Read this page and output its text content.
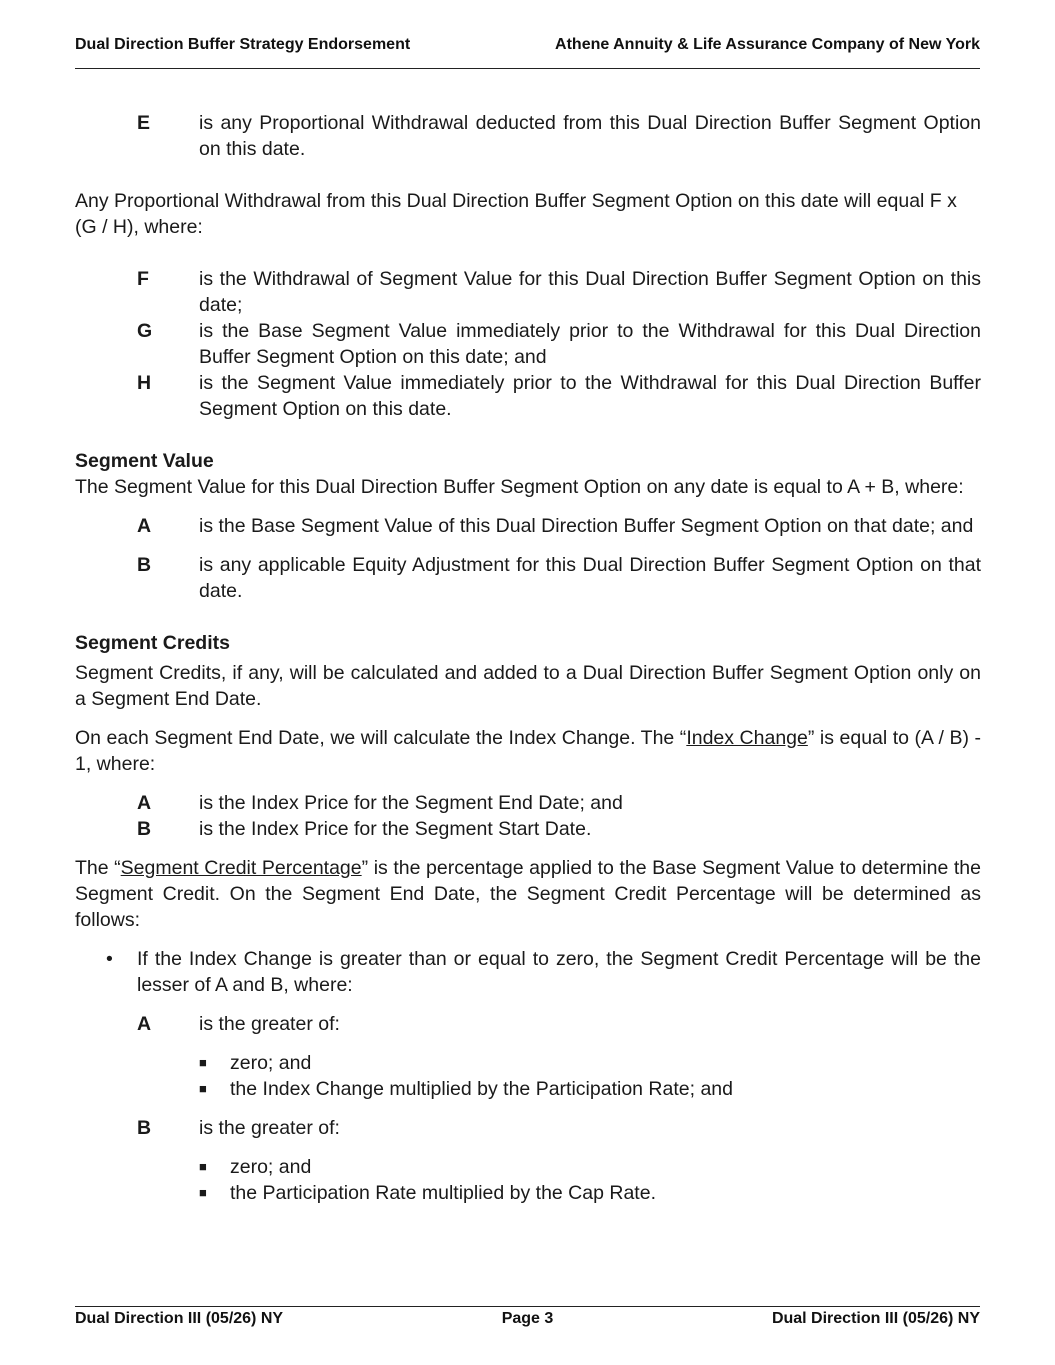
Dual Direction Buffer Strategy Endorsement	Athene Annuity & Life Assurance Company of New York
E	is any Proportional Withdrawal deducted from this Dual Direction Buffer Segment Option on this date.

Any Proportional Withdrawal from this Dual Direction Buffer Segment Option on this date will equal F x (G / H), where:

F	is the Withdrawal of Segment Value for this Dual Direction Buffer Segment Option on this date;
G	is the Base Segment Value immediately prior to the Withdrawal for this Dual Direction Buffer Segment Option on this date; and
H	is the Segment Value immediately prior to the Withdrawal for this Dual Direction Buffer Segment Option on this date.

Segment Value

The Segment Value for this Dual Direction Buffer Segment Option on any date is equal to A + B, where:

A	is the Base Segment Value of this Dual Direction Buffer Segment Option on that date; and
B	is any applicable Equity Adjustment for this Dual Direction Buffer Segment Option on that date.

Segment Credits

Segment Credits, if any, will be calculated and added to a Dual Direction Buffer Segment Option only on a Segment End Date.

On each Segment End Date, we will calculate the Index Change. The “Index Change” is equal to (A / B) - 1, where:

A	is the Index Price for the Segment End Date; and
B	is the Index Price for the Segment Start Date.

The “Segment Credit Percentage” is the percentage applied to the Base Segment Value to determine the Segment Credit. On the Segment End Date, the Segment Credit Percentage will be determined as follows:

•	If the Index Change is greater than or equal to zero, the Segment Credit Percentage will be the lesser of A and B, where:
A	is the greater of:
■	zero; and
■	the Index Change multiplied by the Participation Rate; and
B	is the greater of:
■	zero; and
■	the Participation Rate multiplied by the Cap Rate.
Dual Direction III (05/26) NY	Page 3	Dual Direction III (05/26) NY
